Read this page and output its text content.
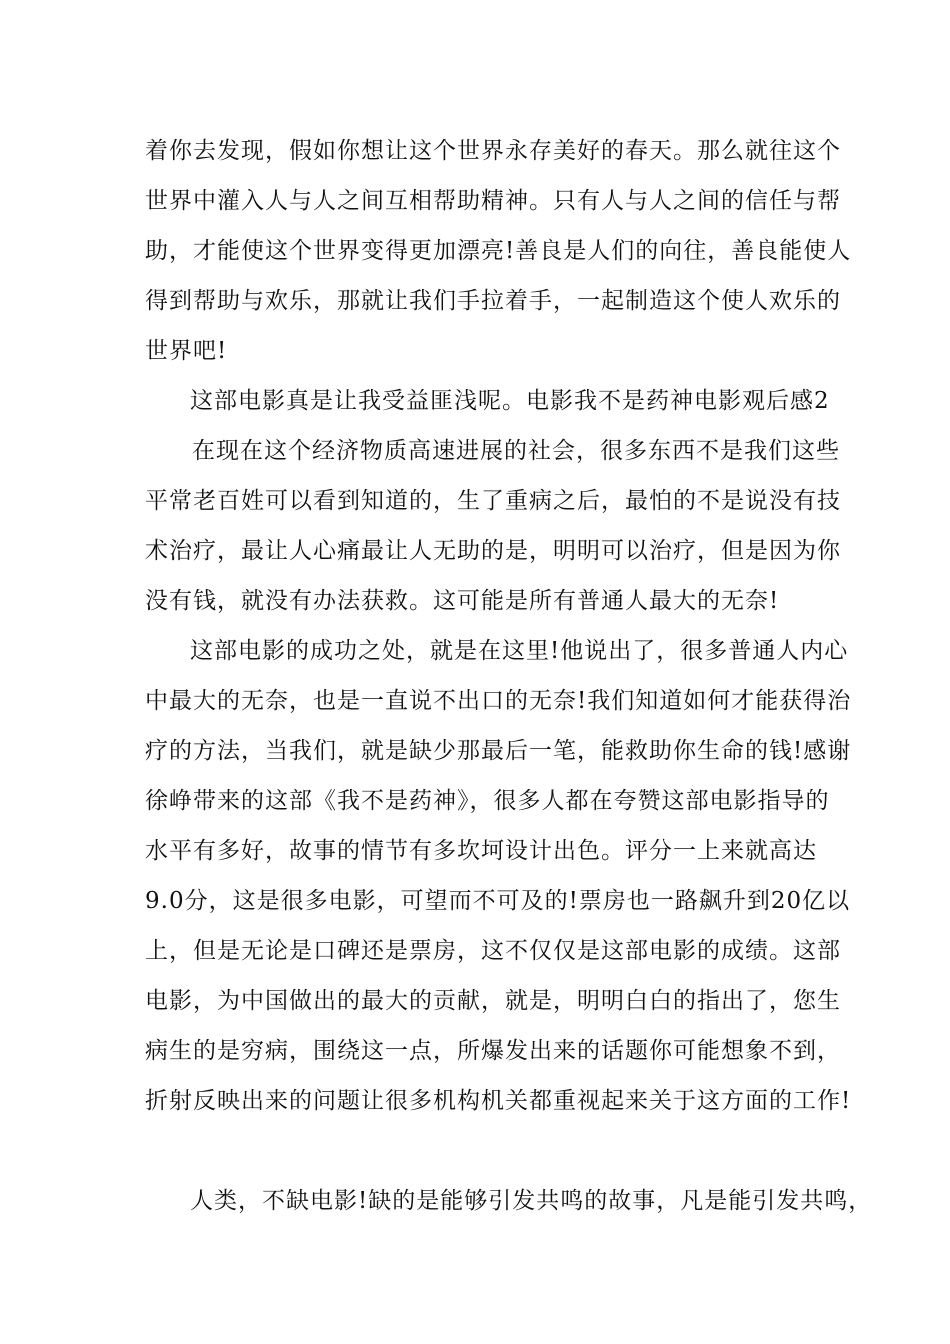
着你去发现，假如你想让这个世界永存美好的春天。那么就往这个
世界中灌入人与人之间互相帮助精神。只有人与人之间的信任与帮
助，才能使这个世界变得更加漂亮!善良是人们的向往，善良能使人
得到帮助与欢乐，那就让我们手拉着手，一起制造这个使人欢乐的
世界吧!
这部电影真是让我受益匪浅呢。电影我不是药神电影观后感2
在现在这个经济物质高速进展的社会，很多东西不是我们这些
平常老百姓可以看到知道的，生了重病之后，最怕的不是说没有技
术治疗，最让人心痛最让人无助的是，明明可以治疗，但是因为你
没有钱，就没有办法获救。这可能是所有普通人最大的无奈!
这部电影的成功之处，就是在这里!他说出了，很多普通人内心
中最大的无奈，也是一直说不出口的无奈!我们知道如何才能获得治
疗的方法，当我们，就是缺少那最后一笔，能救助你生命的钱!感谢
徐峥带来的这部《我不是药神》，很多人都在夸赞这部电影指导的
水平有多好，故事的情节有多坎坷设计出色。评分一上来就高达
9.0分，这是很多电影，可望而不可及的!票房也一路飙升到20亿以
上，但是无论是口碑还是票房，这不仅仅是这部电影的成绩。这部
电影，为中国做出的最大的贡献，就是，明明白白的指出了，您生
病生的是穷病，围绕这一点，所爆发出来的话题你可能想象不到，
折射反映出来的问题让很多机构机关都重视起来关于这方面的工作!
人类，不缺电影!缺的是能够引发共鸣的故事，凡是能引发共鸣，
